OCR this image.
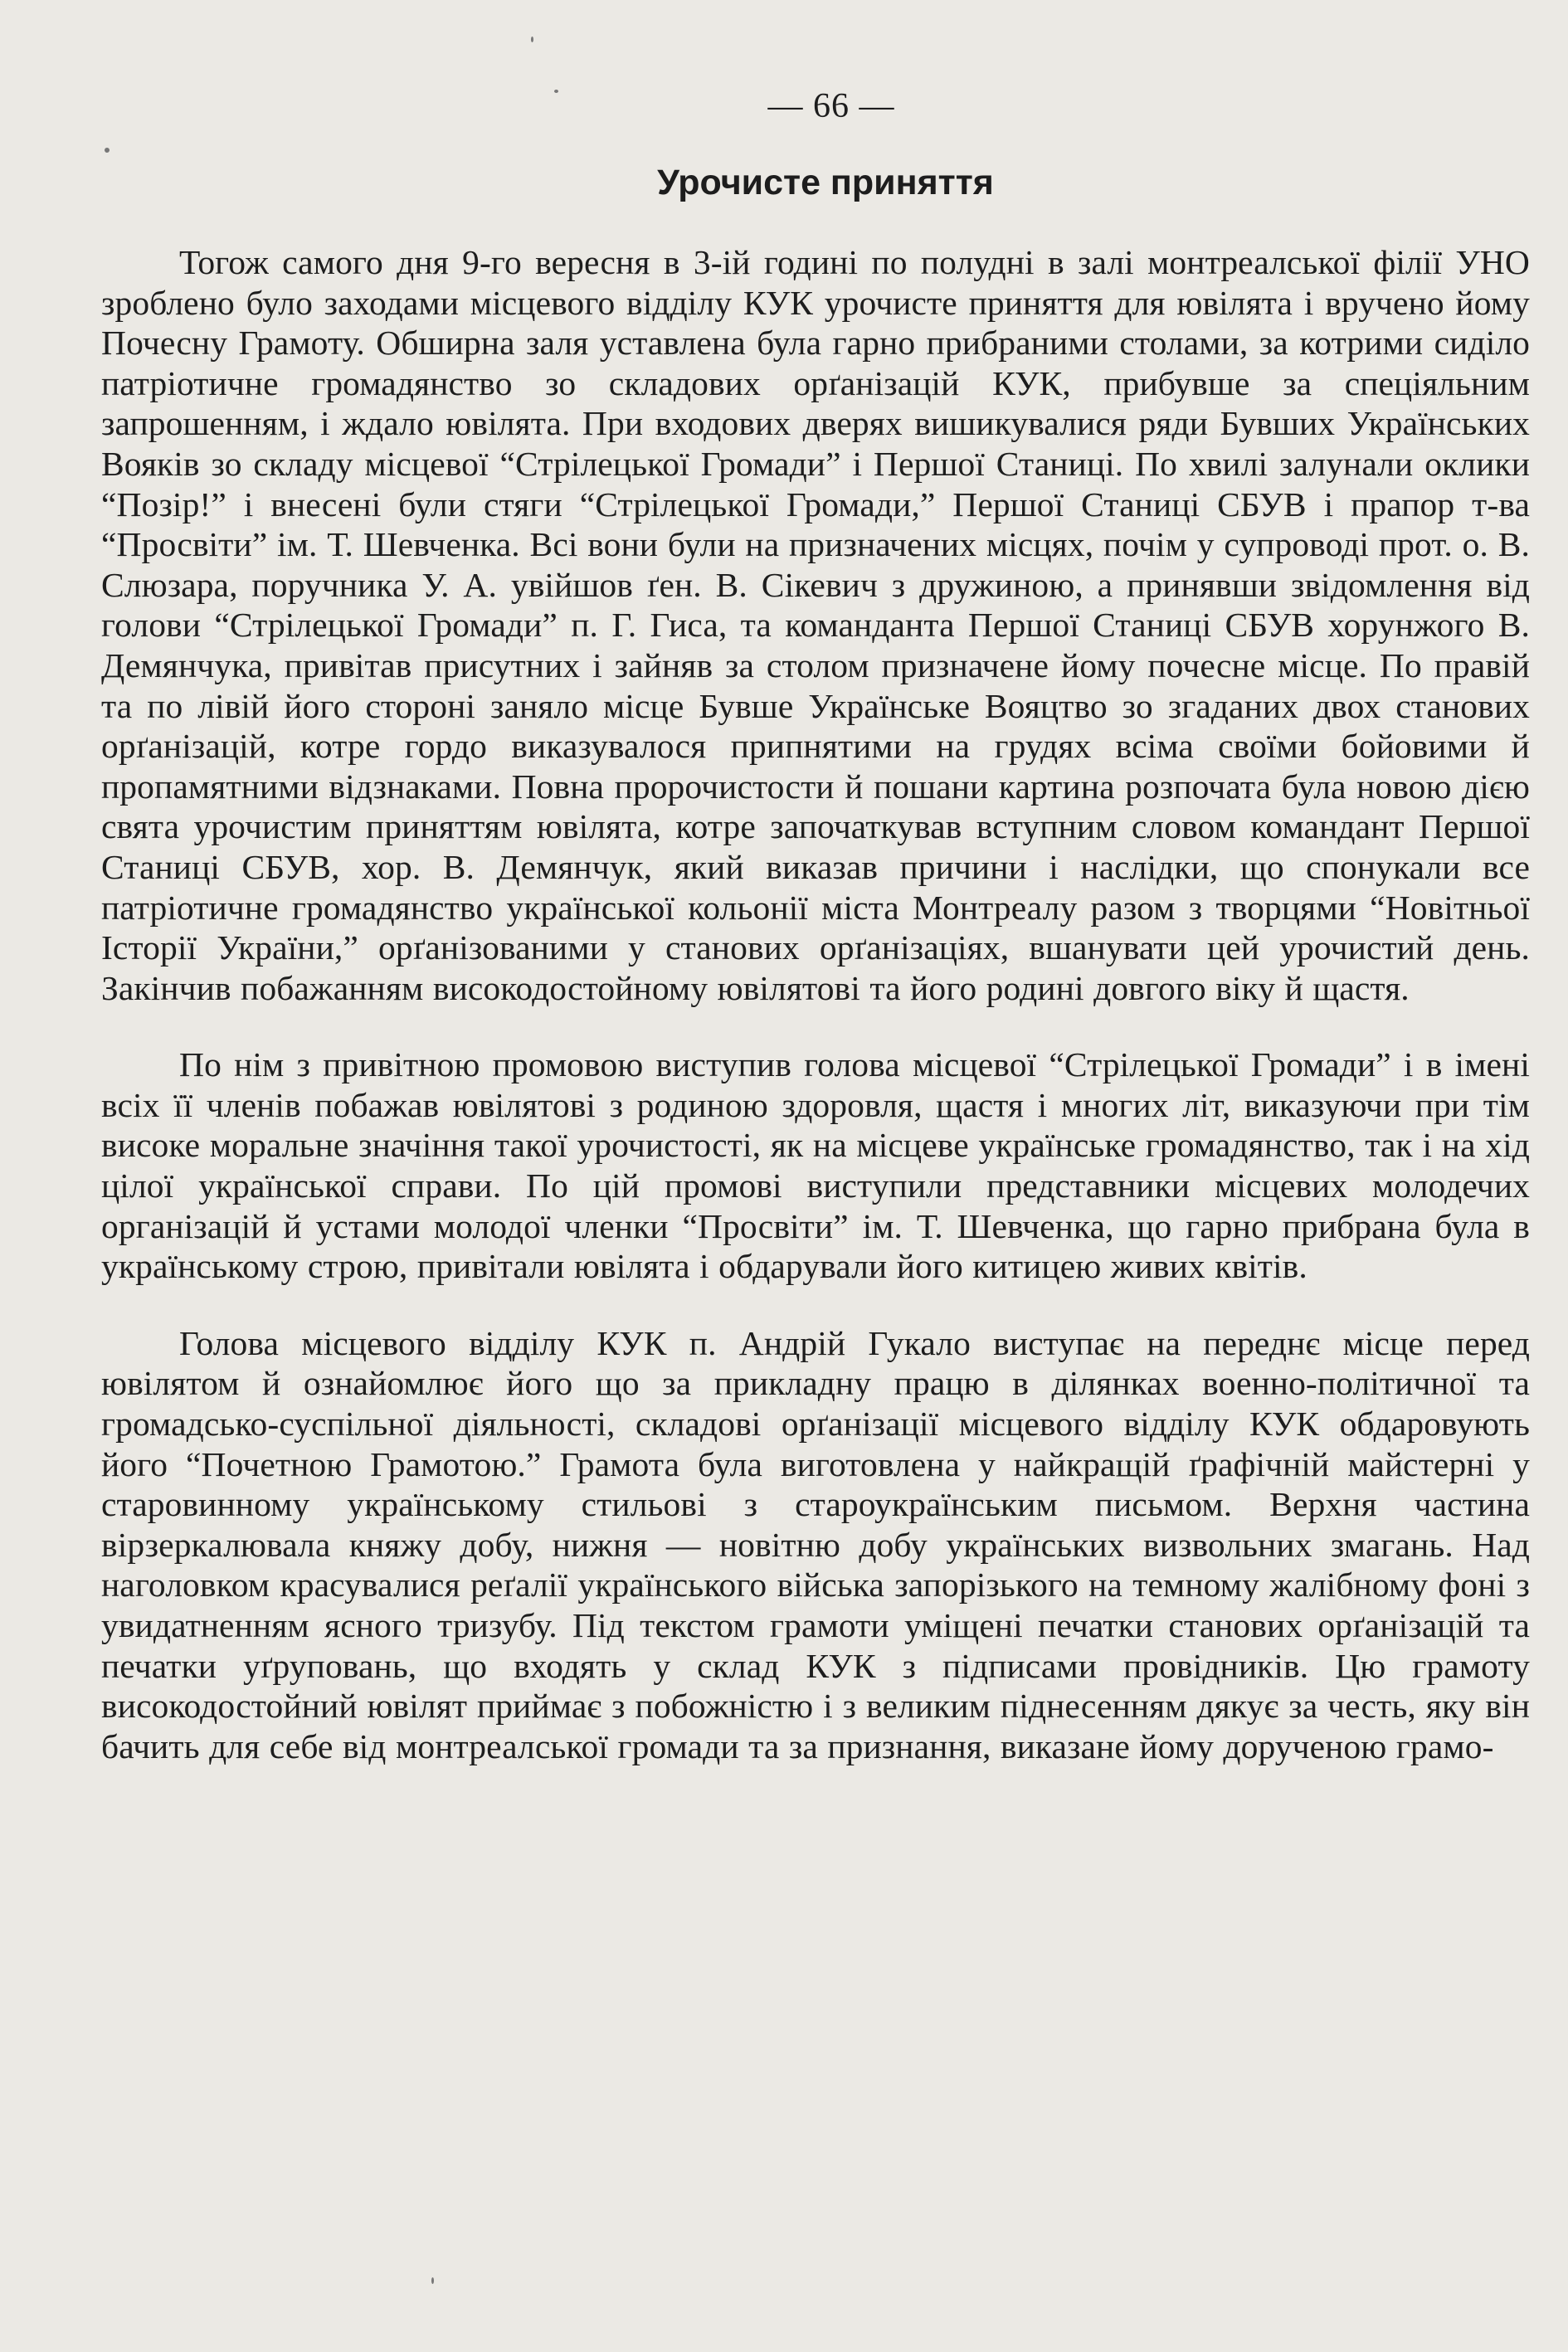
— 66 —
Урочисте приняття

Тогож самого дня 9-го вересня в 3-ій годині по полудні в залі монтреалської філії УНО зроблено було заходами місцевого відділу КУК урочисте приняття для ювілята і вручено йому Почесну Грамоту. Обширна заля уставлена була гарно прибраними столами, за котрими сиділо патріотичне громадянство зо складових орґанізацій КУК, прибувше за спеціяльним запрошенням, і ждало ювілята. При входових дверях вишикувалися ряди Бувших Українських Вояків зо складу місцевої “Стрілецької Громади” і Першої Станиці. По хвилі залунали оклики “Позір!” і внесені були стяги “Стрілецької Громади,” Першої Станиці СБУВ і прапор т-ва “Просвіти” ім. Т. Шевченка. Всі вони були на призначених місцях, почім у супроводі прот. о. В. Слюзара, поручника У. А. увійшов ґен. В. Сікевич з дружиною, а принявши звідомлення від голови “Стрілецької Громади” п. Г. Гиса, та команданта Першої Станиці СБУВ хорунжого В. Демянчука, привітав присутних і зайняв за столом призначене йому почесне місце. По правій та по лівій його стороні заняло місце Бувше Українське Вояцтво зо згаданих двох станових орґанізацій, котре гордо виказувалося припнятими на грудях всіма своїми бойовими й пропамятними відзнаками. Повна пророчистости й пошани картина розпочата була новою дією свята урочистим приняттям ювілята, котре започаткував вступним словом командант Першої Станиці СБУВ, хор. В. Демянчук, який виказав причини і наслідки, що спонукали все патріотичне громадянство української кольонії міста Монтреалу разом з творцями “Новітньої Історії України,” орґанізованими у станових орґанізаціях, вшанувати цей урочистий день. Закінчив побажанням високодостойному ювілятові та його родині довгого віку й щастя.

По нім з привітною промовою виступив голова місцевої “Стрілецької Громади” і в імені всіх її членів побажав ювілятові з родиною здоровля, щастя і многих літ, виказуючи при тім високе моральне значіння такої урочистості, як на місцеве українське громадянство, так і на хід цілої української справи. По цій промові виступили представники місцевих молодечих організацій й устами молодої членки “Просвіти” ім. Т. Шевченка, що гарно прибрана була в українському строю, привітали ювілята і обдарували його китицею живих квітів.

Голова місцевого відділу КУК п. Андрій Гукало виступає на переднє місце перед ювілятом й ознайомлює його що за прикладну працю в ділянках военно-політичної та громадсько-суспільної діяльності, складові орґанізації місцевого відділу КУК обдаровують його “Почетною Грамотою.” Грамота була виготовлена у найкращій ґрафічній майстерні у старовинному українському стильові з староукраїнським письмом. Верхня частина вірзеркалювала княжу добу, нижня — новітню добу українських визвольних змагань. Над наголовком красувалися реґалії українського війська запорізького на темному жалібному фоні з увидатненням ясного тризубу. Під текстом грамоти уміщені печатки станових орґанізацій та печатки уґруповань, що входять у склад КУК з підписами провідників. Цю грамоту високодостойний ювілят приймає з побожністю і з великим піднесенням дякує за честь, яку він бачить для себе від монтреалської громади та за признання, виказане йому дорученою грамо-
